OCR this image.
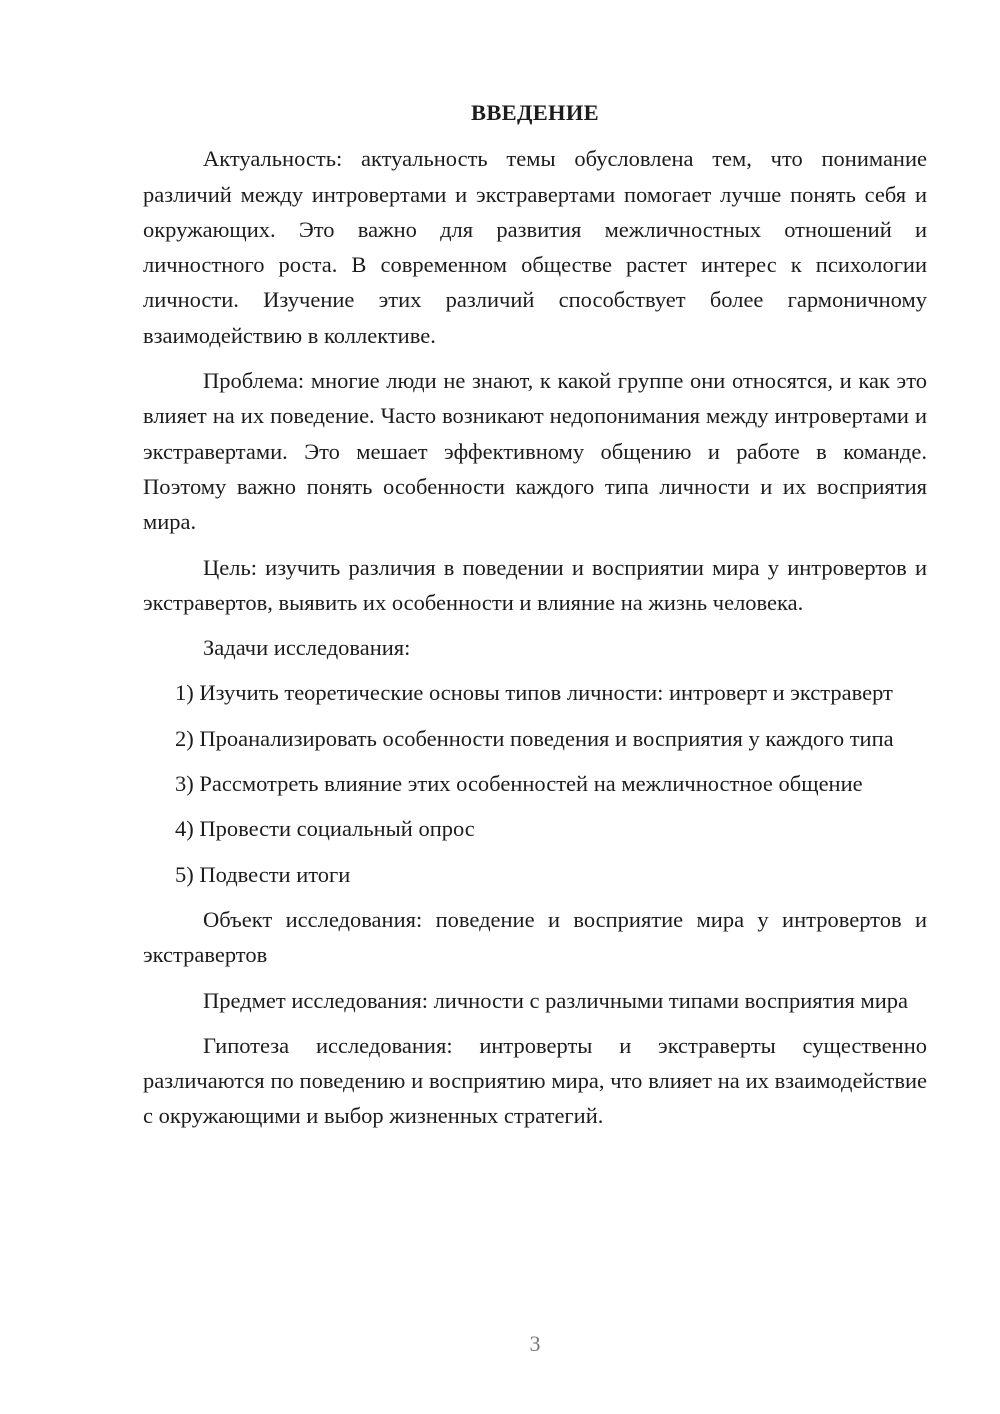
ВВЕДЕНИЕ

Актуальность: актуальность темы обусловлена тем, что понимание различий между интровертами и экстравертами помогает лучше понять себя и окружающих. Это важно для развития межличностных отношений и личностного роста. В современном обществе растет интерес к психологии личности. Изучение этих различий способствует более гармоничному взаимодействию в коллективе.

Проблема: многие люди не знают, к какой группе они относятся, и как это влияет на их поведение. Часто возникают недопонимания между интровертами и экстравертами. Это мешает эффективному общению и работе в команде. Поэтому важно понять особенности каждого типа личности и их восприятия мира.

Цель: изучить различия в поведении и восприятии мира у интровертов и экстравертов, выявить их особенности и влияние на жизнь человека.

Задачи исследования:

1) Изучить теоретические основы типов личности: интроверт и экстраверт

2) Проанализировать особенности поведения и восприятия у каждого типа

3) Рассмотреть влияние этих особенностей на межличностное общение

4) Провести социальный опрос

5) Подвести итоги

Объект исследования: поведение и восприятие мира у интровертов и экстравертов

Предмет исследования: личности с различными типами восприятия мира

Гипотеза исследования: интроверты и экстраверты существенно различаются по поведению и восприятию мира, что влияет на их взаимодействие с окружающими и выбор жизненных стратегий.

3
